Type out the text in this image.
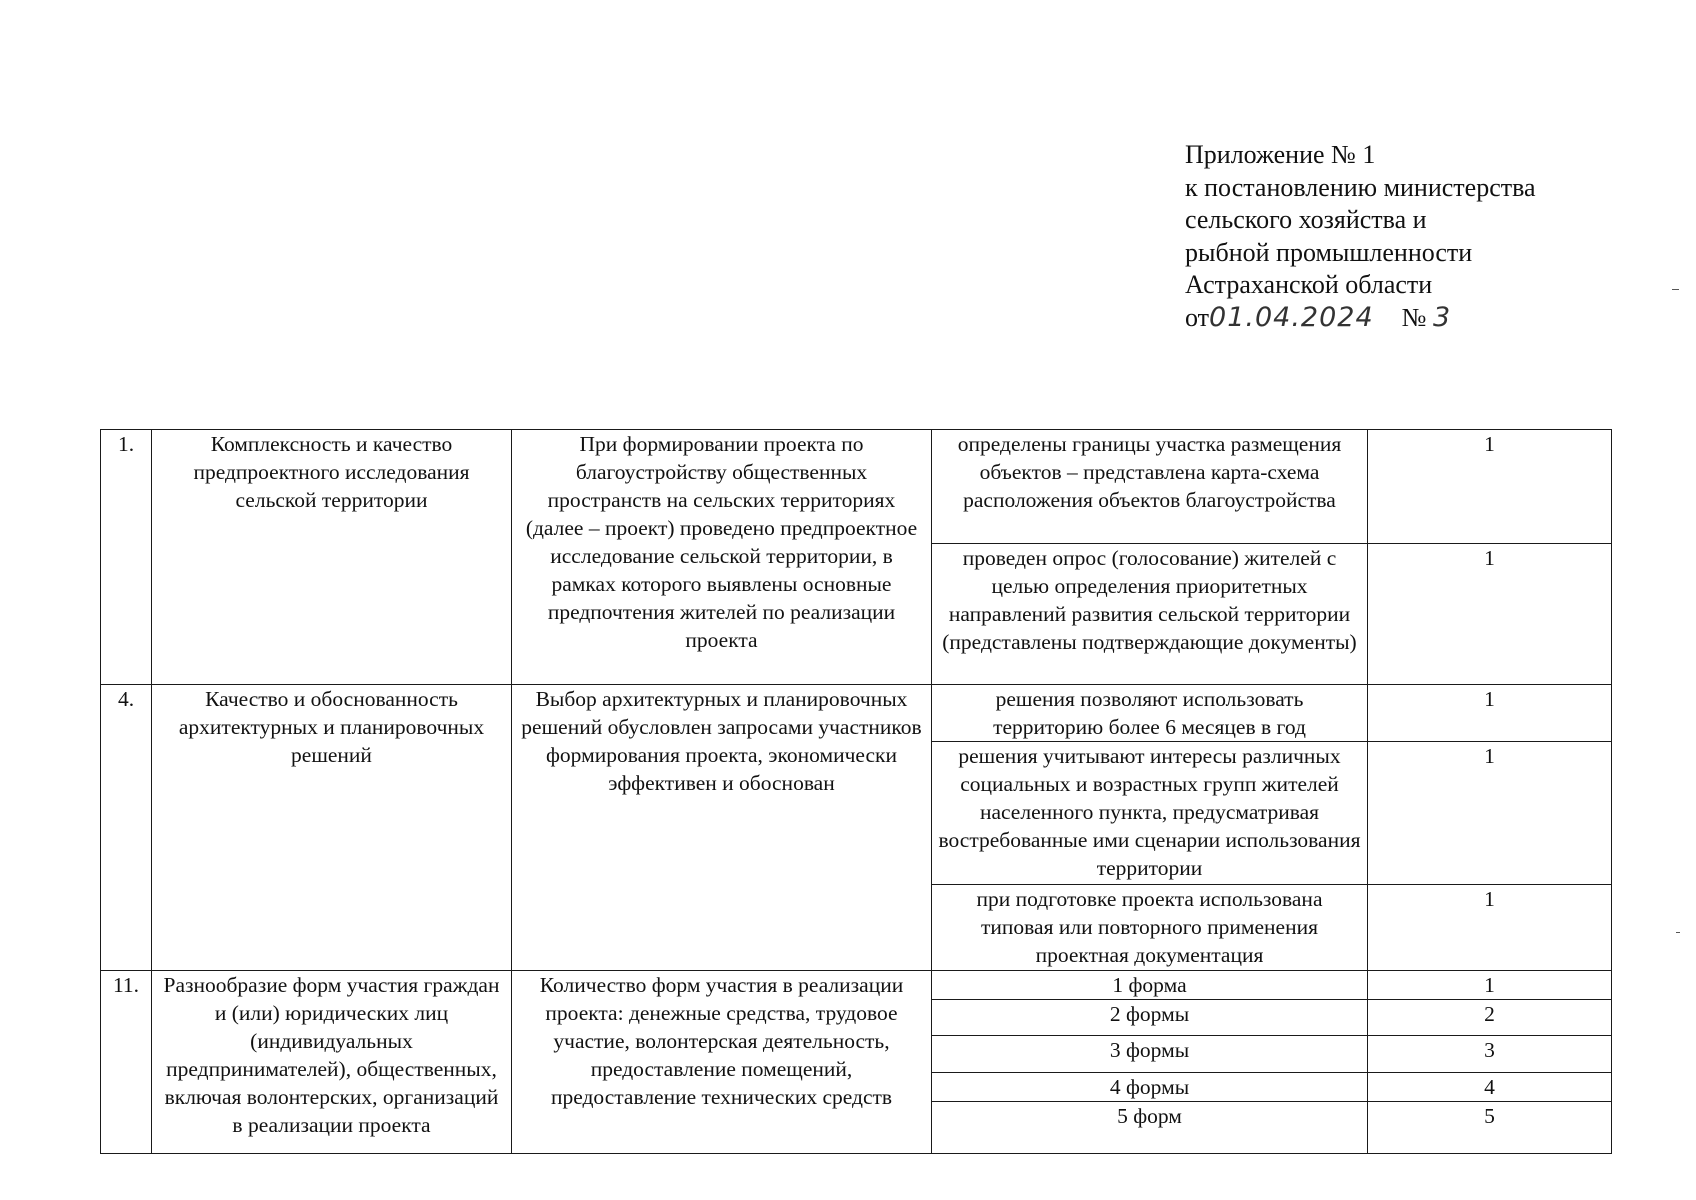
Приложение № 1
к постановлению министерства
сельского хозяйства и
рыбной промышленности
Астраханской области
от01.04.2024 № 3
1.	Комплексность и качество предпроектного исследования сельской территории	При формировании проекта по благоустройству общественных пространств на сельских территориях (далее – проект) проведено предпроектное исследование сельской территории, в рамках которого выявлены основные предпочтения жителей по реализации проекта	определены границы участка размещения объектов – представлена карта-схема расположения объектов благоустройства	1
			проведен опрос (голосование) жителей с целью определения приоритетных направлений развития сельской территории (представлены подтверждающие документы)	1
4.	Качество и обоснованность архитектурных и планировочных решений	Выбор архитектурных и планировочных решений обусловлен запросами участников формирования проекта, экономически эффективен и обоснован	решения позволяют использовать территорию более 6 месяцев в год	1
			решения учитывают интересы различных социальных и возрастных групп жителей населенного пункта, предусматривая востребованные ими сценарии использования территории	1
			при подготовке проекта использована типовая или повторного применения проектная документация	1
11.	Разнообразие форм участия граждан и (или) юридических лиц (индивидуальных предпринимателей), общественных, включая волонтерских, организаций в реализации проекта	Количество форм участия в реализации проекта: денежные средства, трудовое участие, волонтерская деятельность, предоставление помещений, предоставление технических средств	1 форма	1
			2 формы	2
			3 формы	3
			4 формы	4
			5 форм	5
